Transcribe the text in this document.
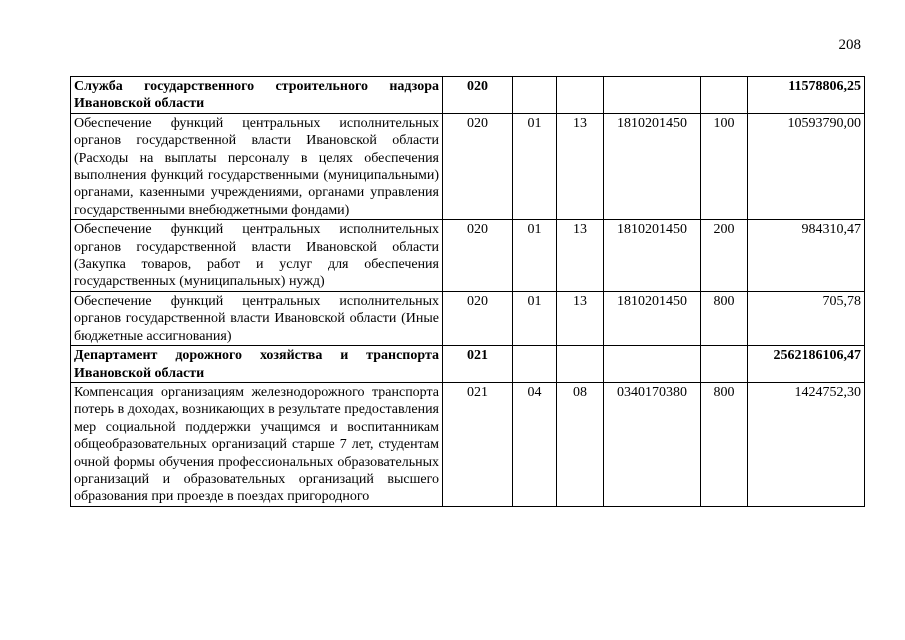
208
Служба государственного строительного надзора Ивановской области	020					11578806,25
Обеспечение функций центральных исполнительных органов государственной власти Ивановской области (Расходы на выплаты персоналу в целях обеспечения выполнения функций государственными (муниципальными) органами, казенными учреждениями, органами управления государственными внебюджетными фондами)	020	01	13	1810201450	100	10593790,00
Обеспечение функций центральных исполнительных органов государственной власти Ивановской области (Закупка товаров, работ и услуг для обеспечения государственных (муниципальных) нужд)	020	01	13	1810201450	200	984310,47
Обеспечение функций центральных исполнительных органов государственной власти Ивановской области (Иные бюджетные ассигнования)	020	01	13	1810201450	800	705,78
Департамент дорожного хозяйства и транспорта Ивановской области	021					2562186106,47
Компенсация организациям железнодорожного транспорта потерь в доходах, возникающих в результате предоставления мер социальной поддержки учащимся и воспитанникам общеобразовательных организаций старше 7 лет, студентам очной формы обучения профессиональных образовательных организаций и образовательных организаций высшего образования при проезде в поездах пригородного	021	04	08	0340170380	800	1424752,30
